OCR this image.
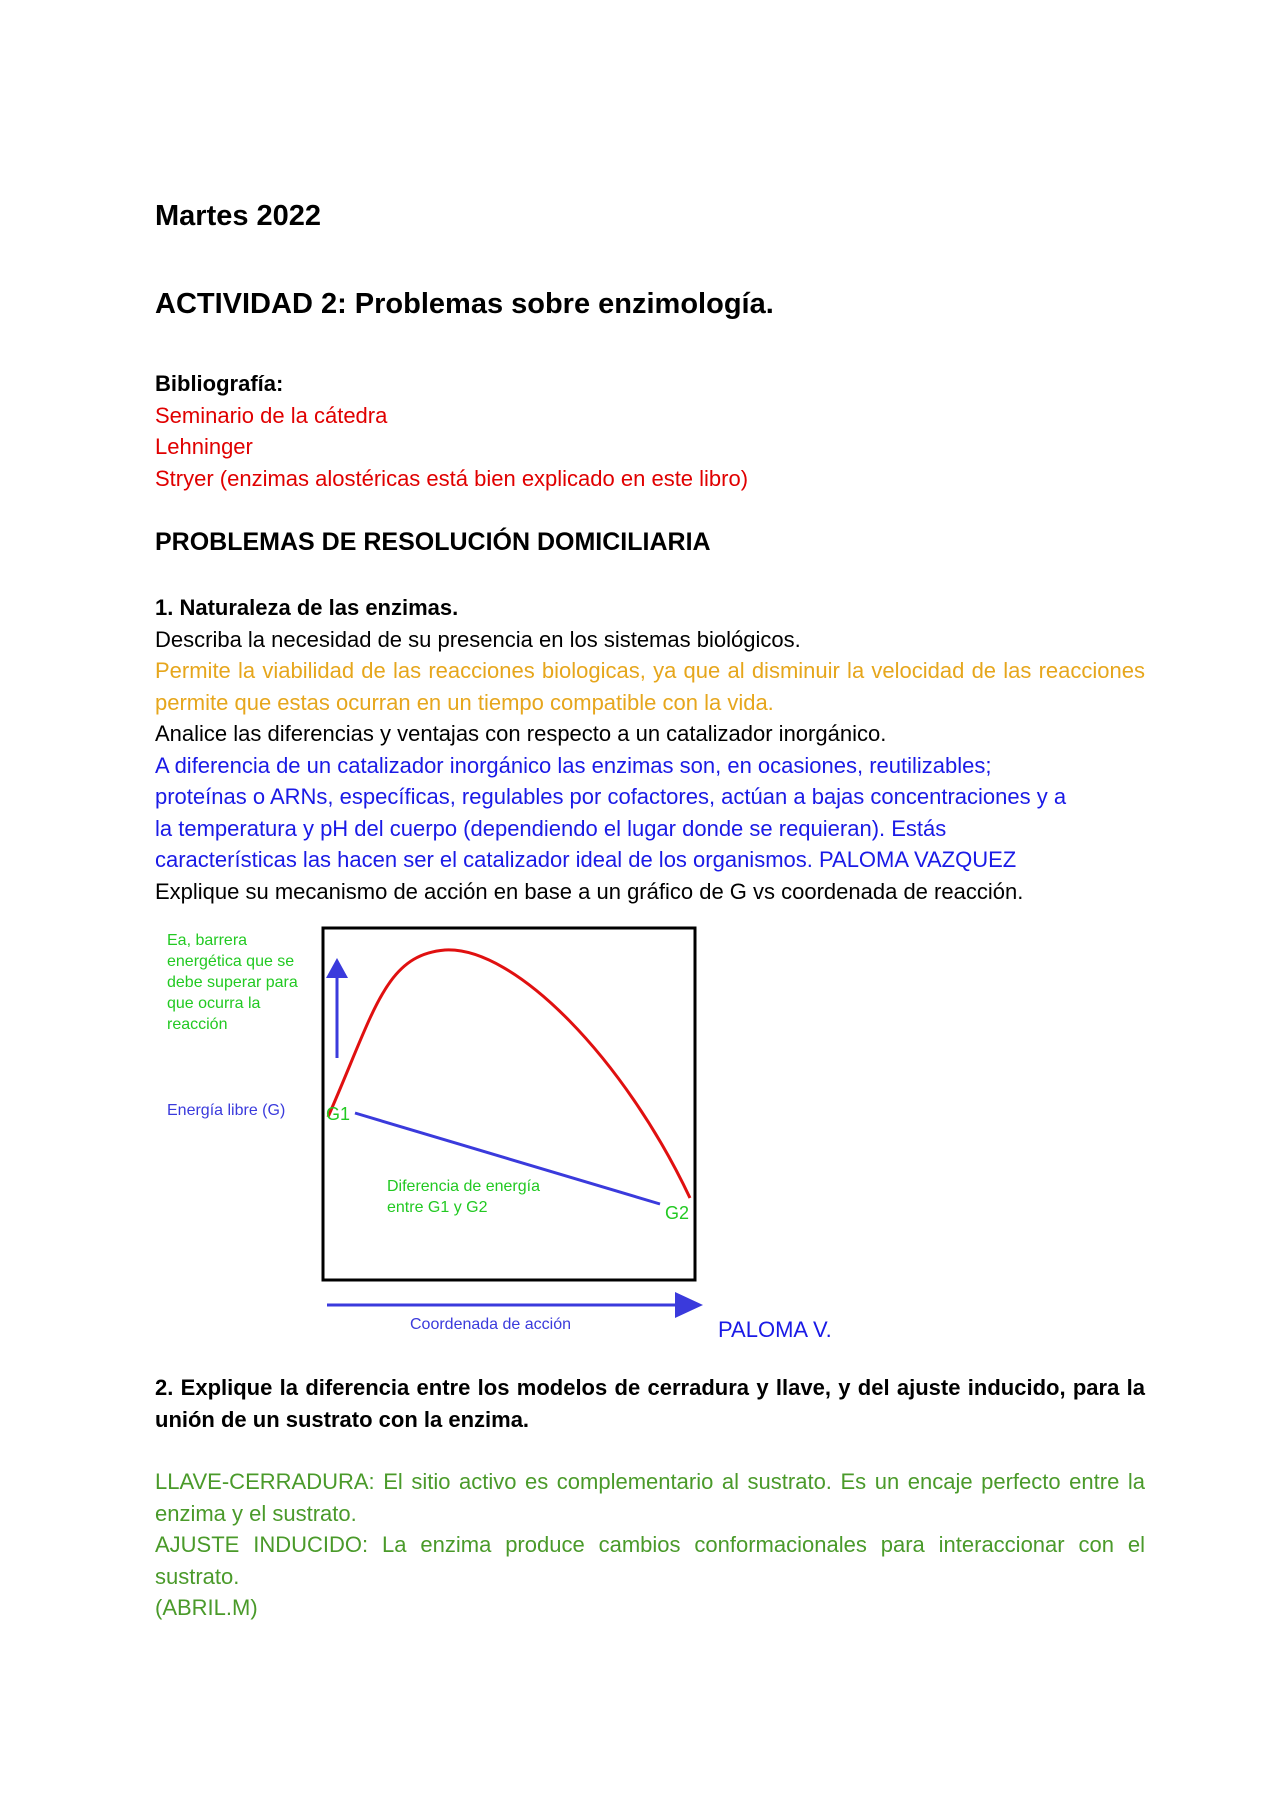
Martes 2022
ACTIVIDAD 2: Problemas sobre enzimología.

Bibliografía:

Seminario de la cátedra

Lehninger

Stryer (enzimas alostéricas está bien explicado en este libro)

PROBLEMAS DE RESOLUCIÓN DOMICILIARIA

1. Naturaleza de las enzimas.

Describa la necesidad de su presencia en los sistemas biológicos.

Permite la viabilidad de las reacciones biologicas, ya que al disminuir la velocidad de las reacciones permite que estas ocurran en un tiempo compatible con la vida.

Analice las diferencias y ventajas con respecto a un catalizador inorgánico.

A diferencia de un catalizador inorgánico las enzimas son, en ocasiones, reutilizables;

proteínas o ARNs, específicas, regulables por cofactores, actúan a bajas concentraciones y a

la temperatura y pH del cuerpo (dependiendo el lugar donde se requieran). Estás

características las hacen ser el catalizador ideal de los organismos. PALOMA VAZQUEZ

Explique su mecanismo de acción en base a un gráfico de G vs coordenada de reacción.

2. Explique la diferencia entre los modelos de cerradura y llave, y del ajuste inducido, para la unión de un sustrato con la enzima.

LLAVE-CERRADURA: El sitio activo es complementario al sustrato. Es un encaje perfecto entre la enzima y el sustrato.

AJUSTE INDUCIDO: La enzima produce cambios conformacionales para interaccionar con el sustrato.

(ABRIL.M)

Ea, barrera
energética que se
debe superar para
que ocurra la
reacción
Energía libre (G) G1
G2
Diferencia de energía
entre G1 y G2
Coordenada de acción	PALOMA V.
